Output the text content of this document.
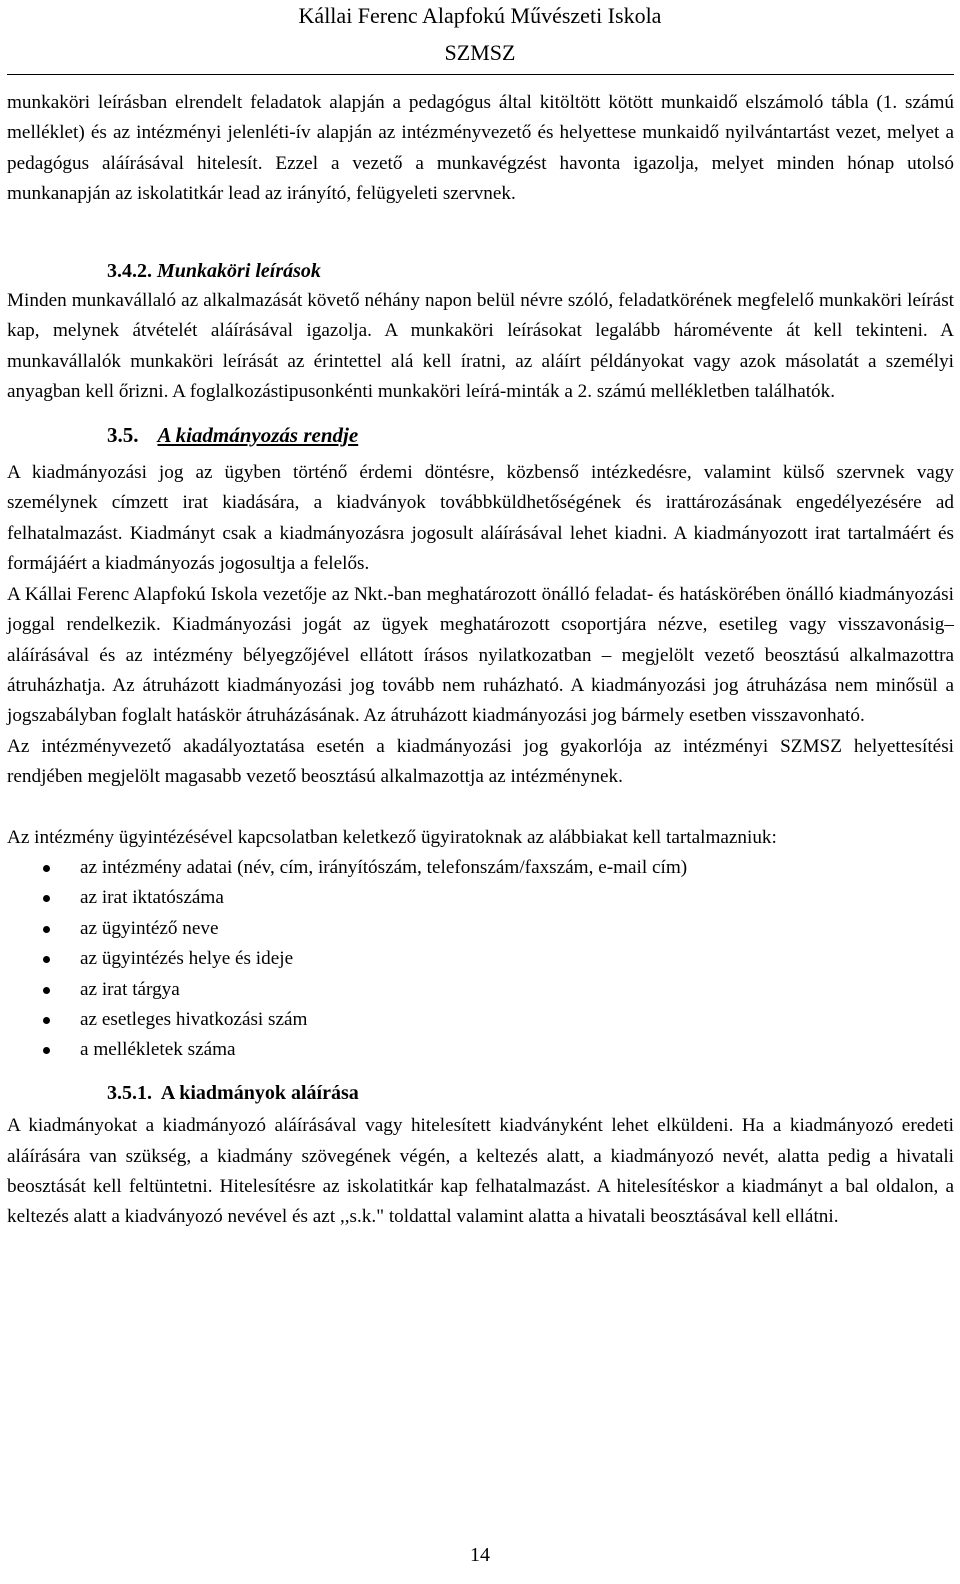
Kállai Ferenc Alapfokú Művészeti Iskola
SZMSZ

munkaköri leírásban elrendelt feladatok alapján a pedagógus által kitöltött kötött munkaidő elszámoló tábla (1. számú melléklet) és az intézményi jelenléti-ív alapján az intézményvezető és helyettese munkaidő nyilvántartást vezet, melyet a pedagógus aláírásával hitelesít. Ezzel a vezető a munkavégzést havonta igazolja, melyet minden hónap utolsó munkanapján az iskolatitkár lead az irányító, felügyeleti szervnek.

3.4.2. Munkaköri leírások

Minden munkavállaló az alkalmazását követő néhány napon belül névre szóló, feladatkörének megfelelő munkaköri leírást kap, melynek átvételét aláírásával igazolja. A munkaköri leírásokat legalább háromévente át kell tekinteni. A munkavállalók munkaköri leírását az érintettel alá kell íratni, az aláírt példányokat vagy azok másolatát a személyi anyagban kell őrizni. A foglalkozástipusonkénti munkaköri leírá-minták a 2. számú mellékletben találhatók.

3.5. A kiadmányozás rendje

A kiadmányozási jog az ügyben történő érdemi döntésre, közbenső intézkedésre, valamint külső szervnek vagy személynek címzett irat kiadására, a kiadványok továbbküldhetőségének és irattározásának engedélyezésére ad felhatalmazást. Kiadmányt csak a kiadmányozásra jogosult aláírásával lehet kiadni. A kiadmányozott irat tartalmáért és formájáért a kiadmányozás jogosultja a felelős.

A Kállai Ferenc Alapfokú Iskola vezetője az Nkt.-ban meghatározott önálló feladat- és hatáskörében önálló kiadmányozási joggal rendelkezik. Kiadmányozási jogát az ügyek meghatározott csoportjára nézve, esetileg vagy visszavonásig– aláírásával és az intézmény bélyegzőjével ellátott írásos nyilatkozatban – megjelölt vezető beosztású alkalmazottra átruházhatja. Az átruházott kiadmányozási jog tovább nem ruházható. A kiadmányozási jog átruházása nem minősül a jogszabályban foglalt hatáskör átruházásának. Az átruházott kiadmányozási jog bármely esetben visszavonható.

Az intézményvezető akadályoztatása esetén a kiadmányozási jog gyakorlója az intézményi SZMSZ helyettesítési rendjében megjelölt magasabb vezető beosztású alkalmazottja az intézménynek.

Az intézmény ügyintézésével kapcsolatban keletkező ügyiratoknak az alábbiakat kell tartalmazniuk:

az intézmény adatai (név, cím, irányítószám, telefonszám/faxszám, e-mail cím)
az irat iktatószáma
az ügyintéző neve
az ügyintézés helye és ideje
az irat tárgya
az esetleges hivatkozási szám
a mellékletek száma
3.5.1. A kiadmányok aláírása

A kiadmányokat a kiadmányozó aláírásával vagy hitelesített kiadványként lehet elküldeni. Ha a kiadmányozó eredeti aláírására van szükség, a kiadmány szövegének végén, a keltezés alatt, a kiadmányozó nevét, alatta pedig a hivatali beosztását kell feltüntetni. Hitelesítésre az iskolatitkár kap felhatalmazást. A hitelesítéskor a kiadmányt a bal oldalon, a keltezés alatt a kiadványozó nevével és azt ,,s.k." toldattal valamint alatta a hivatali beosztásával kell ellátni.

14
